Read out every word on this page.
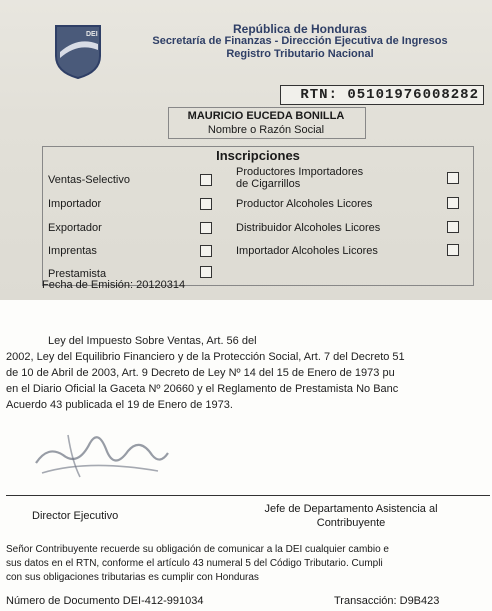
DEI	República de Honduras
Secretaría de Finanzas - Dirección Ejecutiva de Ingresos
Registro Tributario Nacional
RTN: 05101976008282
MAURICIO EUCEDA BONILLA
Nombre o Razón Social
Inscripciones
Ventas-Selectivo
Importador
Exportador
Imprentas
Prestamista
Productores Importadores
de Cigarrillos
Productor Alcoholes Licores
Distribuidor Alcoholes Licores
Importador Alcoholes Licores
Fecha de Emisión: 20120314
Ley del Impuesto Sobre Ventas, Art. 56 del
2002, Ley del Equilibrio Financiero y de la Protección Social, Art. 7 del Decreto 51
de 10 de Abril de 2003, Art. 9 Decreto de Ley Nº 14 del 15 de Enero de 1973 pu
en el Diario Oficial la Gaceta Nº 20660 y el Reglamento de Prestamista No Banc
Acuerdo 43 publicada el 19 de Enero de 1973.
Director Ejecutivo
Jefe de Departamento Asistencia al
Contribuyente
Señor Contribuyente recuerde su obligación de comunicar a la DEI cualquier cambio e
sus datos en el RTN, conforme el artículo 43 numeral 5 del Código Tributario. Cumpli
con sus obligaciones tributarias es cumplir con Honduras
Número de Documento DEI-412-991034	Transacción: D9B423
